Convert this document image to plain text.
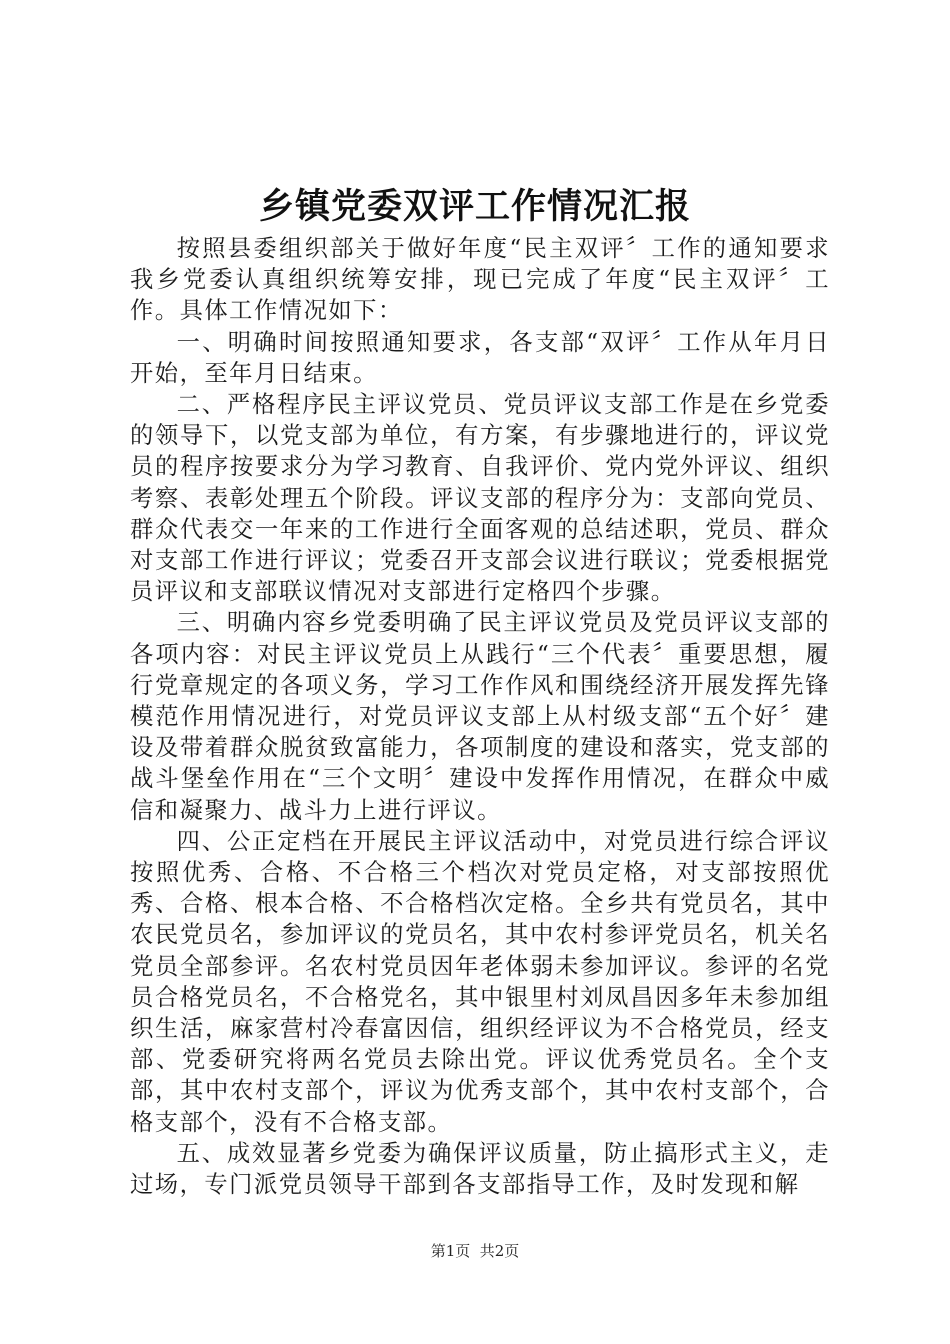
乡镇党委双评工作情况汇报

按照县委组织部关于做好年度“民主双评〞工作的通知要求我乡党委认真组织统筹安排，现已完成了年度“民主双评〞工作。具体工作情况如下：

一、明确时间按照通知要求，各支部“双评〞工作从年月日开始，至年月日结束。

二、严格程序民主评议党员、党员评议支部工作是在乡党委的领导下，以党支部为单位，有方案，有步骤地进行的，评议党员的程序按要求分为学习教育、自我评价、党内党外评议、组织考察、表彰处理五个阶段。评议支部的程序分为：支部向党员、群众代表交一年来的工作进行全面客观的总结述职，党员、群众对支部工作进行评议；党委召开支部会议进行联议；党委根据党员评议和支部联议情况对支部进行定格四个步骤。

三、明确内容乡党委明确了民主评议党员及党员评议支部的各项内容：对民主评议党员上从践行“三个代表〞重要思想，履行党章规定的各项义务，学习工作作风和围绕经济开展发挥先锋模范作用情况进行，对党员评议支部上从村级支部“五个好〞建设及带着群众脱贫致富能力，各项制度的建设和落实，党支部的战斗堡垒作用在“三个文明〞建设中发挥作用情况，在群众中威信和凝聚力、战斗力上进行评议。

四、公正定档在开展民主评议活动中，对党员进行综合评议按照优秀、合格、不合格三个档次对党员定格，对支部按照优秀、合格、根本合格、不合格档次定格。全乡共有党员名，其中农民党员名，参加评议的党员名，其中农村参评党员名，机关名党员全部参评。名农村党员因年老体弱未参加评议。参评的名党员合格党员名，不合格党名，其中银里村刘凤昌因多年未参加组织生活，麻家营村冷春富因信，组织经评议为不合格党员，经支部、党委研究将两名党员去除出党。评议优秀党员名。全个支部，其中农村支部个，评议为优秀支部个，其中农村支部个，合格支部个，没有不合格支部。

五、成效显著乡党委为确保评议质量，防止搞形式主义，走过场，专门派党员领导干部到各支部指导工作，及时发现和解

第1页  共2页
